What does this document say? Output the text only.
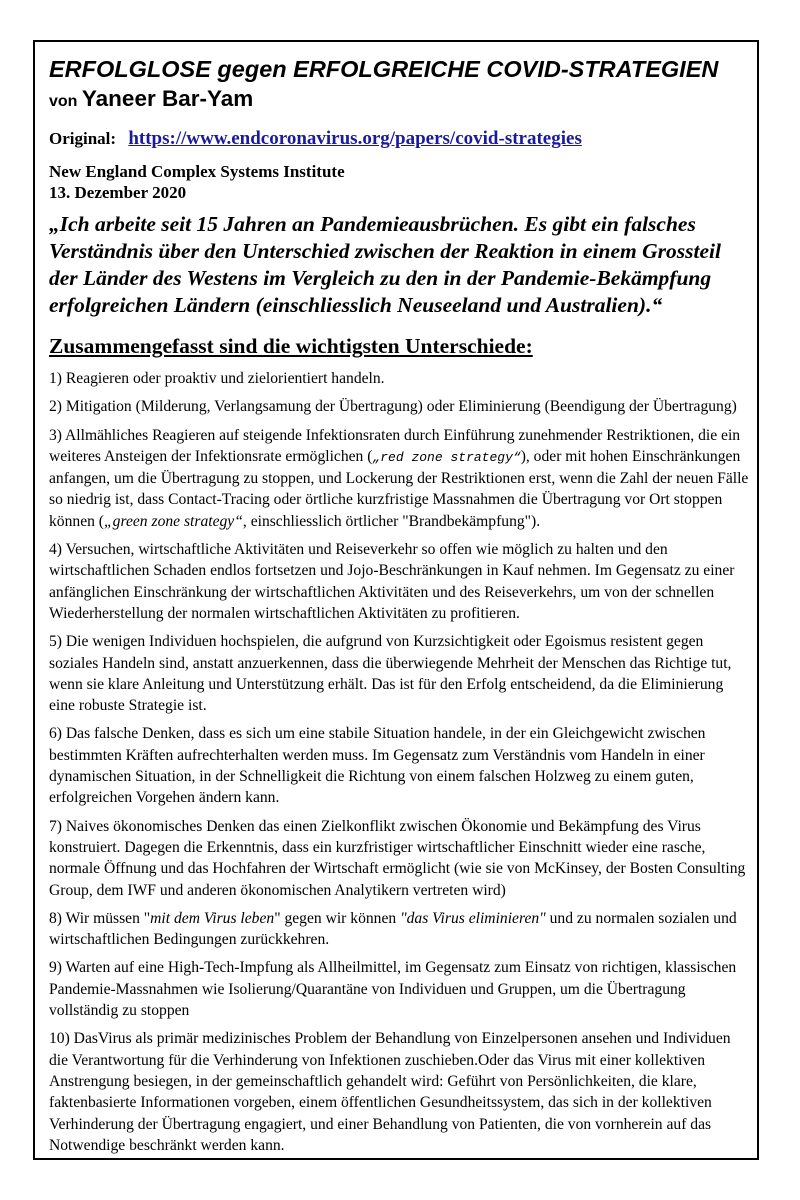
ERFOLGLOSE gegen ERFOLGREICHE COVID-STRATEGIEN

von Yaneer Bar-Yam

Original: https://www.endcoronavirus.org/papers/covid-strategies
New England Complex Systems Institute
13. Dezember 2020
„Ich arbeite seit 15 Jahren an Pandemieausbrüchen. Es gibt ein falsches Verständnis über den Unterschied zwischen der Reaktion in einem Grossteil der Länder des Westens im Vergleich zu den in der Pandemie-Bekämpfung erfolgreichen Ländern (einschliesslich Neuseeland und Australien).“
Zusammengefasst sind die wichtigsten Unterschiede:
1) Reagieren oder proaktiv und zielorientiert handeln.
2) Mitigation (Milderung, Verlangsamung der Übertragung) oder Eliminierung (Beendigung der Übertragung)
3) Allmähliches Reagieren auf steigende Infektionsraten durch Einführung zunehmender Restriktionen, die ein weiteres Ansteigen der Infektionsrate ermöglichen („red zone strategy“), oder mit hohen Einschränkungen anfangen, um die Übertragung zu stoppen, und Lockerung der Restriktionen erst, wenn die Zahl der neuen Fälle so niedrig ist, dass Contact-Tracing oder örtliche kurzfristige Massnahmen die Übertragung vor Ort stoppen können („green zone strategy“, einschliesslich örtlicher "Brandbekämpfung").
4) Versuchen, wirtschaftliche Aktivitäten und Reiseverkehr so offen wie möglich zu halten und den wirtschaftlichen Schaden endlos fortsetzen und Jojo-Beschränkungen in Kauf nehmen. Im Gegensatz zu einer anfänglichen Einschränkung der wirtschaftlichen Aktivitäten und des Reiseverkehrs, um von der schnellen Wiederherstellung der normalen wirtschaftlichen Aktivitäten zu profitieren.
5) Die wenigen Individuen hochspielen, die aufgrund von Kurzsichtigkeit oder Egoismus resistent gegen soziales Handeln sind, anstatt anzuerkennen, dass die überwiegende Mehrheit der Menschen das Richtige tut, wenn sie klare Anleitung und Unterstützung erhält. Das ist für den Erfolg entscheidend, da die Eliminierung eine robuste Strategie ist.
6) Das falsche Denken, dass es sich um eine stabile Situation handele, in der ein Gleichgewicht zwischen bestimmten Kräften aufrechterhalten werden muss. Im Gegensatz zum Verständnis vom Handeln in einer dynamischen Situation, in der Schnelligkeit die Richtung von einem falschen Holzweg zu einem guten, erfolgreichen Vorgehen ändern kann.
7) Naives ökonomisches Denken das einen Zielkonflikt zwischen Ökonomie und Bekämpfung des Virus konstruiert. Dagegen die Erkenntnis, dass ein kurzfristiger wirtschaftlicher Einschnitt wieder eine rasche, normale Öffnung und das Hochfahren der Wirtschaft ermöglicht (wie sie von McKinsey, der Bosten Consulting Group, dem IWF und anderen ökonomischen Analytikern vertreten wird)
8) Wir müssen "mit dem Virus leben" gegen wir können "das Virus eliminieren" und zu normalen sozialen und wirtschaftlichen Bedingungen zurückkehren.
9) Warten auf eine High-Tech-Impfung als Allheilmittel, im Gegensatz zum Einsatz von richtigen, klassischen Pandemie-Massnahmen wie Isolierung/Quarantäne von Individuen und Gruppen, um die Übertragung vollständig zu stoppen
10) DasVirus als primär medizinisches Problem der Behandlung von Einzelpersonen ansehen und Individuen die Verantwortung für die Verhinderung von Infektionen zuschieben.Oder das Virus mit einer kollektiven Anstrengung besiegen, in der gemeinschaftlich gehandelt wird: Geführt von Persönlichkeiten, die klare, faktenbasierte Informationen vorgeben, einem öffentlichen Gesundheitssystem, das sich in der kollektiven Verhinderung der Übertragung engagiert, und einer Behandlung von Patienten, die von vornherein auf das Notwendige beschränkt werden kann.
